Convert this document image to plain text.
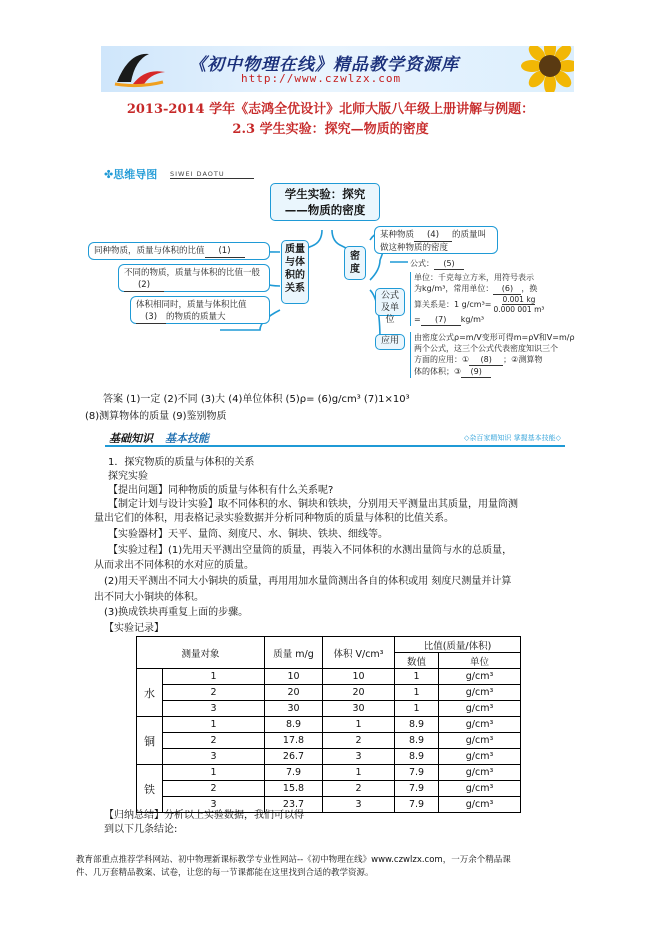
《初中物理在线》精品教学资源库
http://www.czwlzx.com
2013-2014 学年《志鸿全优设计》北师大版八年级上册讲解与例题：
2.3 学生实验：探究—物质的密度
✤思维导图 SIWEI DAOTU
学生实验：探究
——物质的密度
质量与体积的关系
同种物质，质量与体积的比值 (1)
不同的物质，质量与体积的比值一般(2)
体积相同时，质量与体积比值(3) 的物质的质量大
密度
某种物质 (4) 的质量叫做这种物质的密度
公式及单位
公式： (5)
单位：千克每立方米，用符号表示
为kg/m³，常用单位： (6) ，换
算关系是：1 $g/cm^3= \frac{0.001 kg}{\text{0.000 001 m³}}$
= (7) kg/m³
应用	由密度公式ρ=m/V变形可得m=ρV和V=m/ρ
两个公式，这三个公式代表密度知识三个
方面的应用：① (8) ；②测算物
体的体积；③ (9)
答案 (1)一定 (2)不同 (3)大 (4)单位体积 (5)ρ= (6)g/cm³ (7)1×10³
(8)测算物体的质量 (9)鉴别物质
基础知识 基本技能	◇杂百家精知识 掌握基本技能◇
1．探究物质的质量与体积的关系
探究实验
【提出问题】同种物质的质量与体积有什么关系呢?
【制定计划与设计实验】取不同体积的水、铜块和铁块，分别用天平测量出其质量，用量筒测
量出它们的体积，用表格记录实验数据并分析同种物质的质量与体积的比值关系。
【实验器材】天平、量筒、刻度尺、水、铜块、铁块、细线等。
【实验过程】(1)先用天平测出空量筒的质量，再装入不同体积的水测出量筒与水的总质量，
从而求出不同体积的水对应的质量。
(2)用天平测出不同大小铜块的质量，再用用加水量筒测出各自的体积或用 刻度尺测量并计算
出不同大小铜块的体积。
(3)换成铁块再重复上面的步骤。
【实验记录】
测量对象		质量 m/g	体积 V/cm³	比值(质量/体积)	
				数值	单位
	1	10	10	1	g/cm³
水	2	20	20	1	g/cm³
	3	30	30	1	g/cm³
	1	8.9	1	8.9	g/cm³
铜	2	17.8	2	8.9	g/cm³
	3	26.7	3	8.9	g/cm³
	1	7.9	1	7.9	g/cm³
铁	2	15.8	2	7.9	g/cm³
	3	23.7	3	7.9	g/cm³
【归纳总结】分析以上实验数据，我们可以得
到以下几条结论:
教育部重点推荐学科网站、初中物理新课标教学专业性网站--《初中物理在线》www.czwlzx.com，一万余个精品课
件、几万套精品教案、试卷，让您的每一节课都能在这里找到合适的教学资源。
